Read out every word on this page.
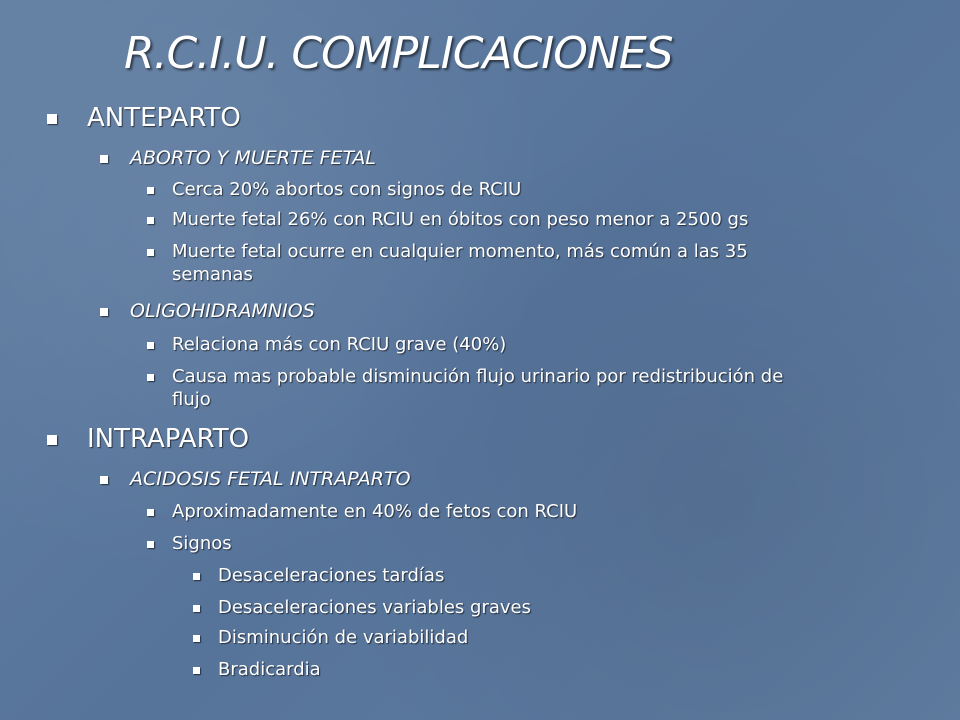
R.C.I.U. COMPLICACIONES
ANTEPARTO
ABORTO Y MUERTE FETAL
Cerca 20% abortos con signos de RCIU
Muerte fetal 26% con RCIU en óbitos con peso menor a 2500 gs
Muerte fetal ocurre en cualquier momento, más común a las 35
semanas
OLIGOHIDRAMNIOS
Relaciona más con RCIU grave (40%)
Causa mas probable disminución flujo urinario por redistribución de
flujo
INTRAPARTO
ACIDOSIS FETAL INTRAPARTO
Aproximadamente en 40% de fetos con RCIU
Signos
Desaceleraciones tardías
Desaceleraciones variables graves
Disminución de variabilidad
Bradicardia
